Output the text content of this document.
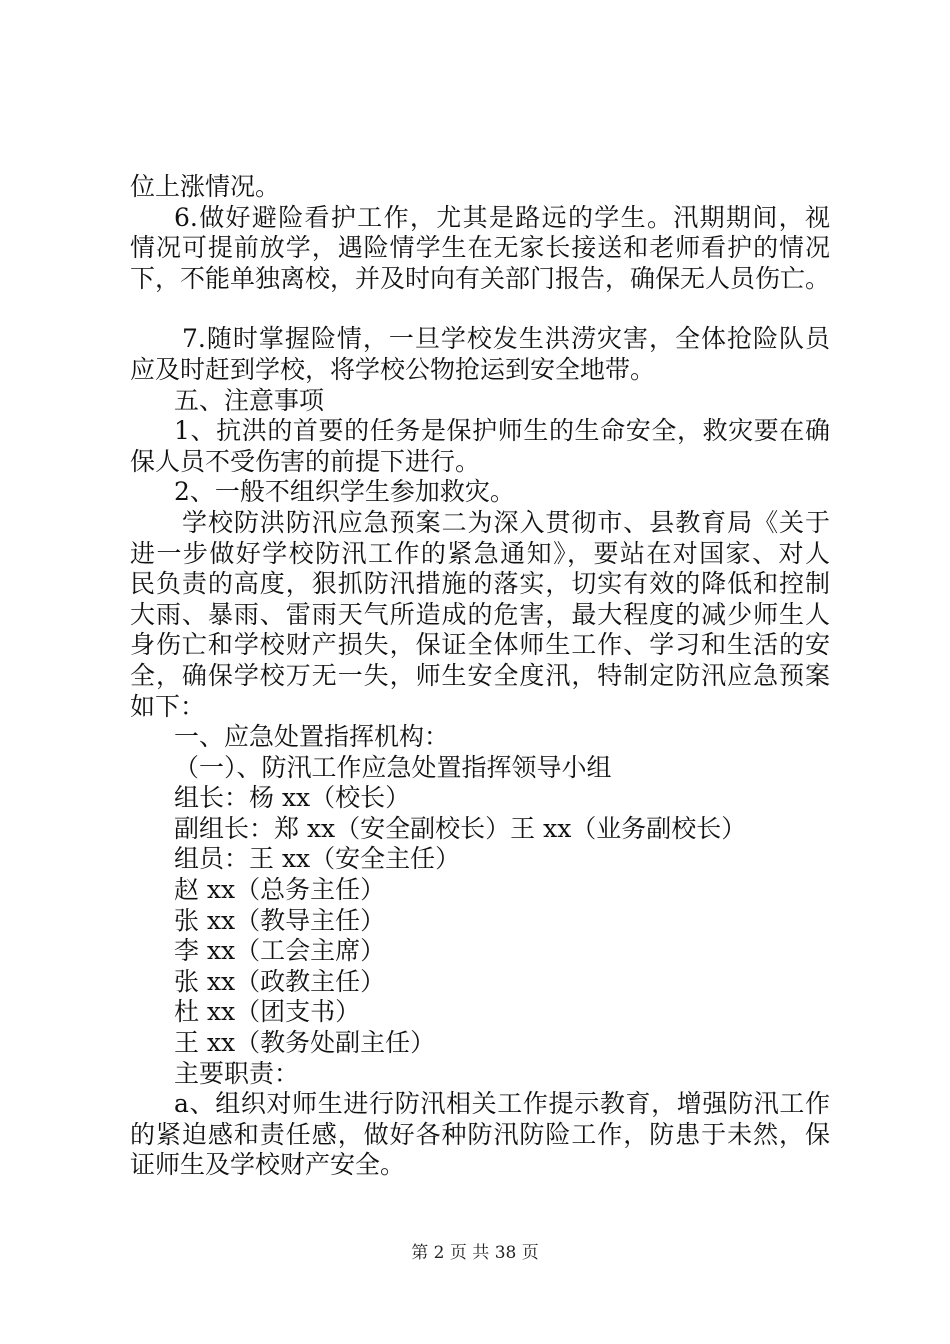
位上涨情况。
6.做好避险看护工作，尤其是路远的学生。汛期期间，视
情况可提前放学，遇险情学生在无家长接送和老师看护的情况
下，不能单独离校，并及时向有关部门报告，确保无人员伤亡。
7.随时掌握险情，一旦学校发生洪涝灾害，全体抢险队员
应及时赶到学校，将学校公物抢运到安全地带。
五、注意事项
1、抗洪的首要的任务是保护师生的生命安全，救灾要在确
保人员不受伤害的前提下进行。
2、一般不组织学生参加救灾。
学校防洪防汛应急预案二为深入贯彻市、县教育局《关于
进一步做好学校防汛工作的紧急通知》，要站在对国家、对人
民负责的高度，狠抓防汛措施的落实，切实有效的降低和控制
大雨、暴雨、雷雨天气所造成的危害，最大程度的减少师生人
身伤亡和学校财产损失，保证全体师生工作、学习和生活的安
全，确保学校万无一失，师生安全度汛，特制定防汛应急预案
如下：
一、应急处置指挥机构：
（一）、防汛工作应急处置指挥领导小组
组长：杨 xx（校长）
副组长：郑 xx（安全副校长）王 xx（业务副校长）
组员：王 xx（安全主任）
赵 xx（总务主任）
张 xx（教导主任）
李 xx（工会主席）
张 xx（政教主任）
杜 xx（团支书）
王 xx（教务处副主任）
主要职责：
a、组织对师生进行防汛相关工作提示教育，增强防汛工作
的紧迫感和责任感，做好各种防汛防险工作，防患于未然，保
证师生及学校财产安全。
第 2 页 共 38 页
